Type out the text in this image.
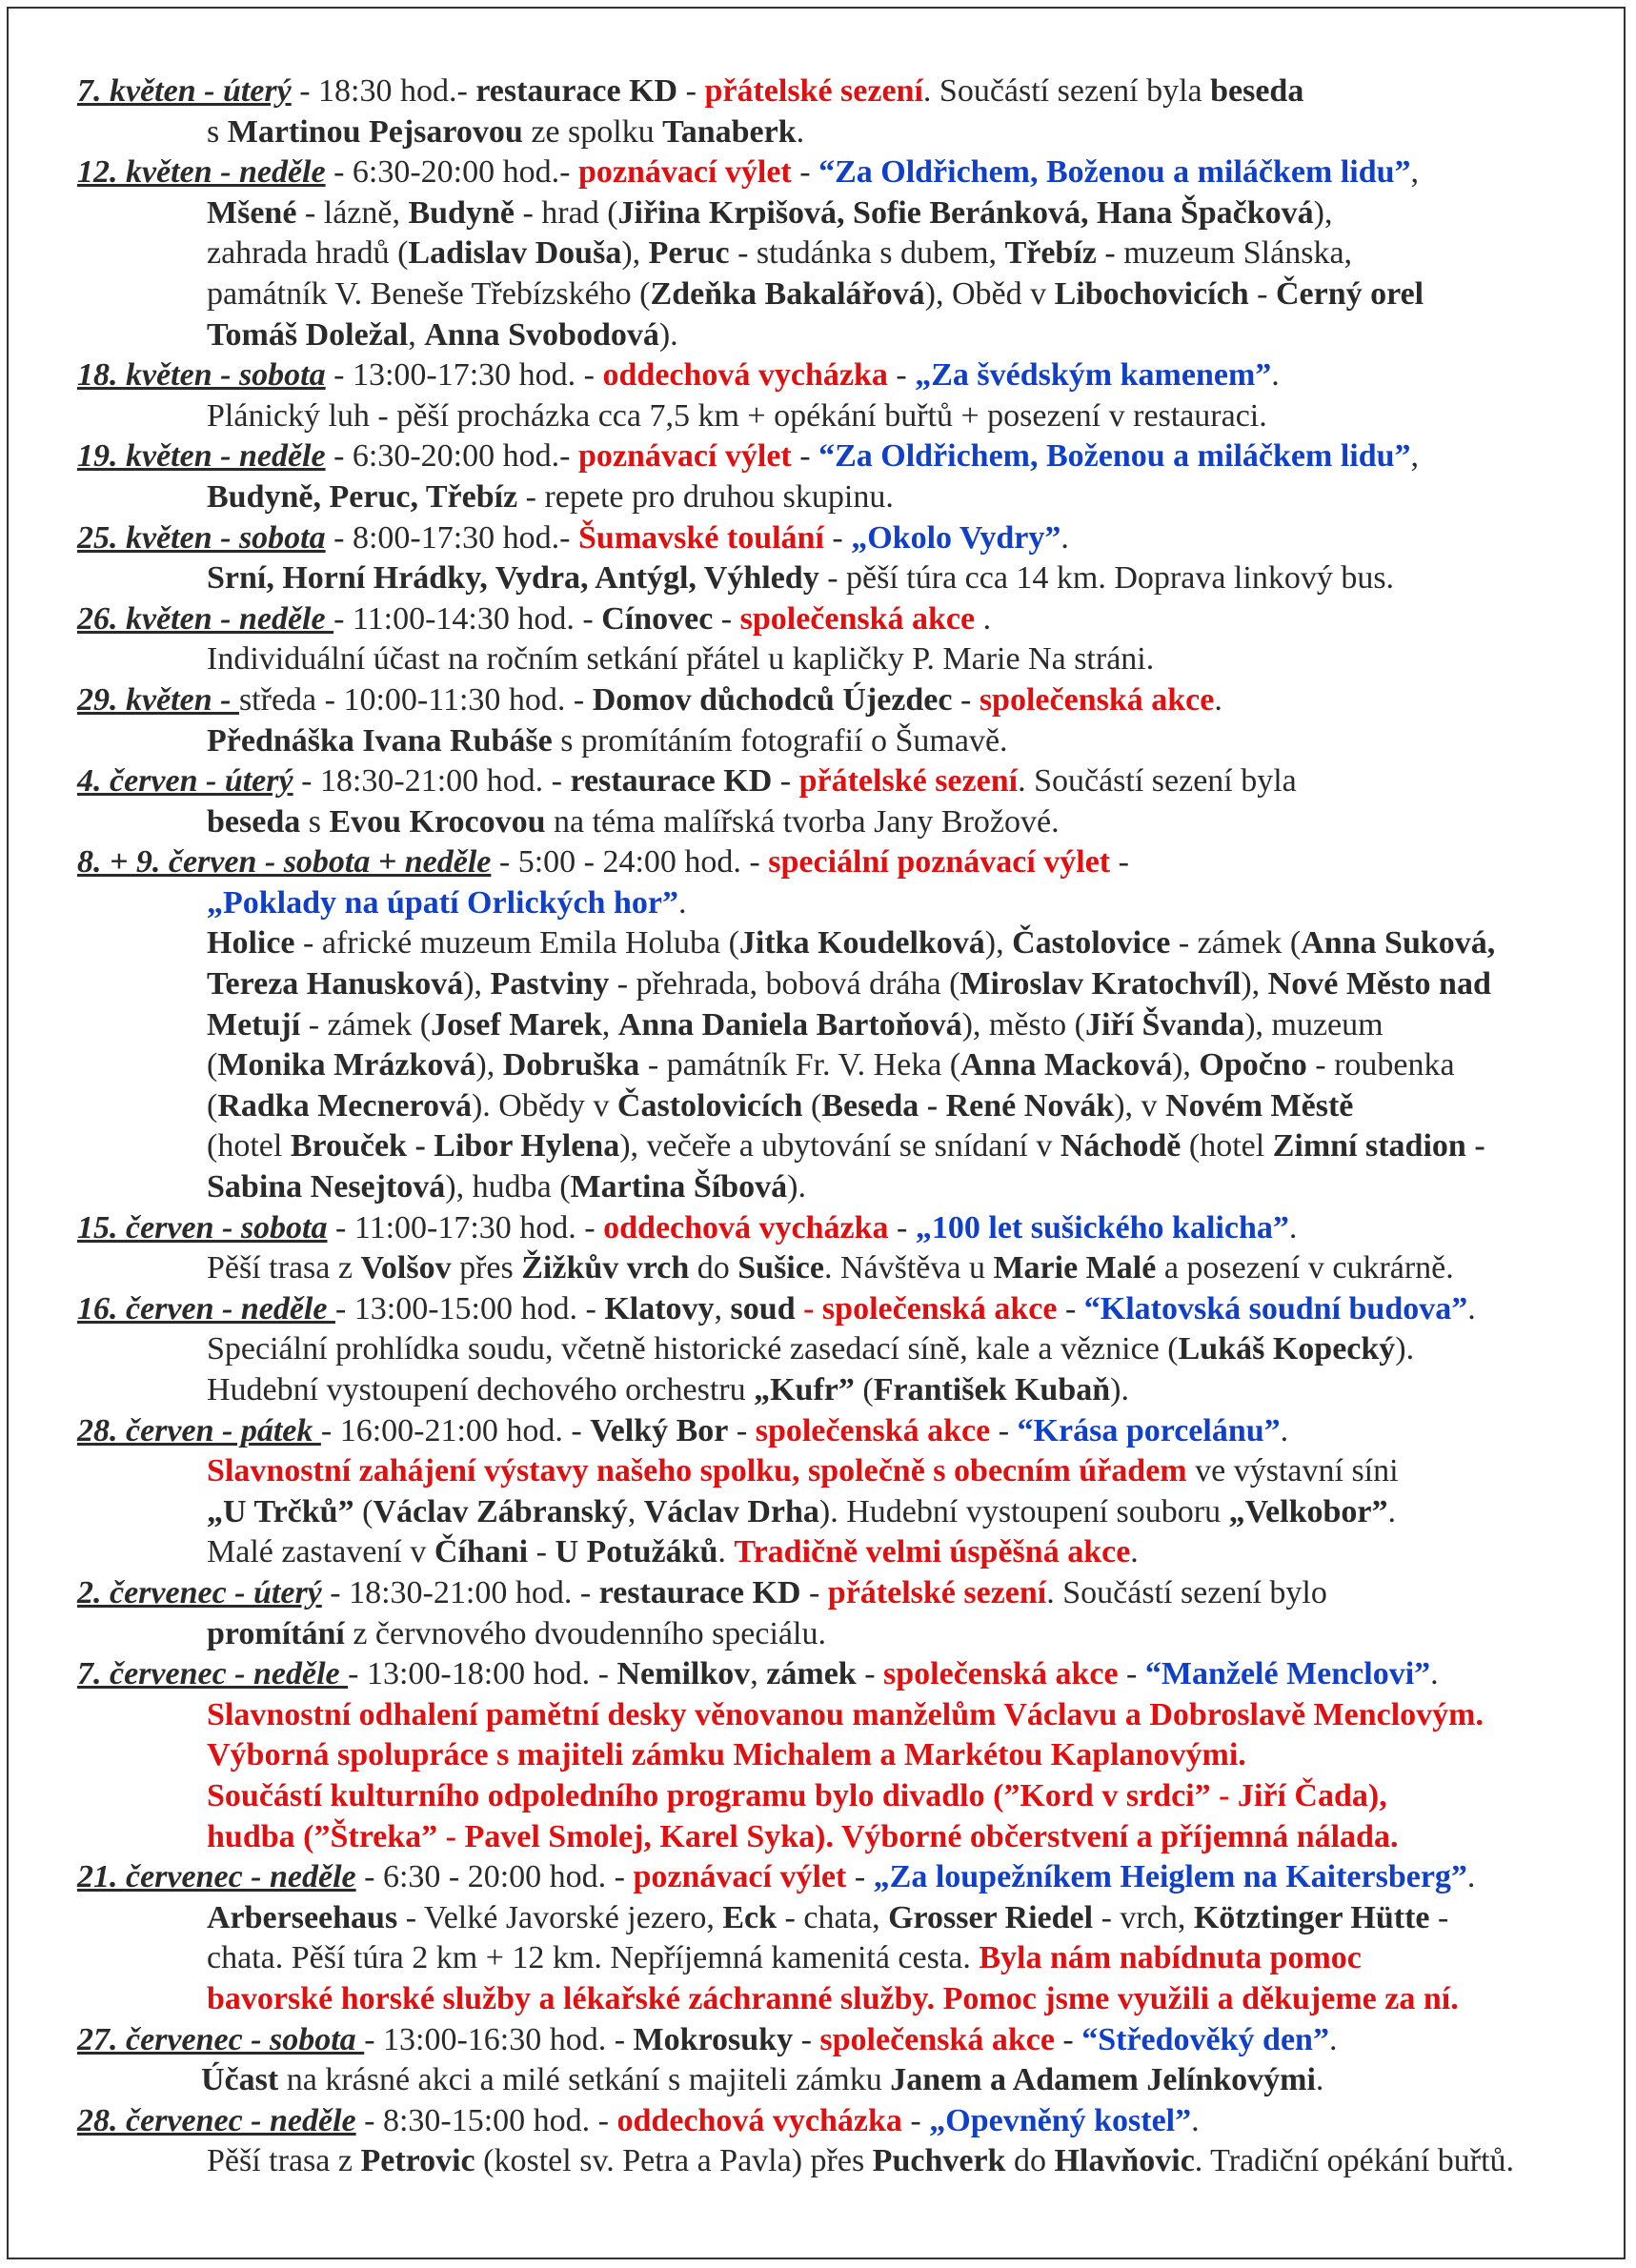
7. květen - úterý - 18:30 hod.- restaurace KD - přátelské sezení. Součástí sezení byla beseda
s Martinou Pejsarovou ze spolku Tanaberk.
12. květen - neděle - 6:30-20:00 hod.- poznávací výlet - “Za Oldřichem, Boženou a miláčkem lidu”,
Mšené - lázně, Budyně - hrad (Jiřina Krpišová, Sofie Beránková, Hana Špačková),
zahrada hradů (Ladislav Douša), Peruc - studánka s dubem, Třebíz - muzeum Slánska,
památník V. Beneše Třebízského (Zdeňka Bakalářová), Oběd v Libochovicích - Černý orel
Tomáš Doležal, Anna Svobodová).
18. květen - sobota - 13:00-17:30 hod. - oddechová vycházka - „Za švédským kamenem”.
Plánický luh - pěší procházka cca 7,5 km + opékání buřtů + posezení v restauraci.
19. květen - neděle - 6:30-20:00 hod.- poznávací výlet - “Za Oldřichem, Boženou a miláčkem lidu”,
Budyně, Peruc, Třebíz - repete pro druhou skupinu.
25. květen - sobota - 8:00-17:30 hod.- Šumavské toulání - „Okolo Vydry”.
Srní, Horní Hrádky, Vydra, Antýgl, Výhledy - pěší túra cca 14 km. Doprava linkový bus.
26. květen - neděle - 11:00-14:30 hod. - Cínovec - společenská akce .
Individuální účast na ročním setkání přátel u kapličky P. Marie Na stráni.
29. květen - středa - 10:00-11:30 hod. - Domov důchodců Újezdec - společenská akce.
Přednáška Ivana Rubáše s promítáním fotografií o Šumavě.
4. červen - úterý - 18:30-21:00 hod. - restaurace KD - přátelské sezení. Součástí sezení byla
beseda s Evou Krocovou na téma malířská tvorba Jany Brožové.
8. + 9. červen - sobota + neděle - 5:00 - 24:00 hod. - speciální poznávací výlet -
„Poklady na úpatí Orlických hor”.
Holice - africké muzeum Emila Holuba (Jitka Koudelková), Častolovice - zámek (Anna Suková,
Tereza Hanusková), Pastviny - přehrada, bobová dráha (Miroslav Kratochvíl), Nové Město nad
Metují - zámek (Josef Marek, Anna Daniela Bartoňová), město (Jiří Švanda), muzeum
(Monika Mrázková), Dobruška - památník Fr. V. Heka (Anna Macková), Opočno - roubenka
(Radka Mecnerová). Obědy v Častolovicích (Beseda - René Novák), v Novém Městě
(hotel Brouček - Libor Hylena), večeře a ubytování se snídaní v Náchodě (hotel Zimní stadion -
Sabina Nesejtová), hudba (Martina Šíbová).
15. červen - sobota - 11:00-17:30 hod. - oddechová vycházka - „100 let sušického kalicha”.
Pěší trasa z Volšov přes Žižkův vrch do Sušice. Návštěva u Marie Malé a posezení v cukrárně.
16. červen - neděle - 13:00-15:00 hod. - Klatovy, soud - společenská akce - “Klatovská soudní budova”.
Speciální prohlídka soudu, včetně historické zasedací síně, kale a věznice (Lukáš Kopecký).
Hudební vystoupení dechového orchestru „Kufr” (František Kubaň).
28. červen - pátek - 16:00-21:00 hod. - Velký Bor - společenská akce - “Krása porcelánu”.
Slavnostní zahájení výstavy našeho spolku, společně s obecním úřadem ve výstavní síni
„U Trčků” (Václav Zábranský, Václav Drha). Hudební vystoupení souboru „Velkobor”.
Malé zastavení v Číhani - U Potužáků. Tradičně velmi úspěšná akce.
2. červenec - úterý - 18:30-21:00 hod. - restaurace KD - přátelské sezení. Součástí sezení bylo
promítání z červnového dvoudenního speciálu.
7. červenec - neděle - 13:00-18:00 hod. - Nemilkov, zámek - společenská akce - “Manželé Menclovi”.
Slavnostní odhalení pamětní desky věnovanou manželům Václavu a Dobroslavě Menclovým.
Výborná spolupráce s majiteli zámku Michalem a Markétou Kaplanovými.
Součástí kulturního odpoledního programu bylo divadlo (”Kord v srdci” - Jiří Čada),
hudba (”Štreka” - Pavel Smolej, Karel Syka). Výborné občerstvení a příjemná nálada.
21. červenec - neděle - 6:30 - 20:00 hod. - poznávací výlet - „Za loupežníkem Heiglem na Kaitersberg”.
Arberseehaus - Velké Javorské jezero, Eck - chata, Grosser Riedel - vrch, Kötztinger Hütte -
chata. Pěší túra 2 km + 12 km. Nepříjemná kamenitá cesta. Byla nám nabídnuta pomoc
bavorské horské služby a lékařské záchranné služby. Pomoc jsme využili a děkujeme za ní.
27. červenec - sobota - 13:00-16:30 hod. - Mokrosuky - společenská akce - “Středověký den”.
Účast na krásné akci a milé setkání s majiteli zámku Janem a Adamem Jelínkovými.
28. červenec - neděle - 8:30-15:00 hod. - oddechová vycházka - „Opevněný kostel”.
Pěší trasa z Petrovic (kostel sv. Petra a Pavla) přes Puchverk do Hlavňovic. Tradiční opékání buřtů.
